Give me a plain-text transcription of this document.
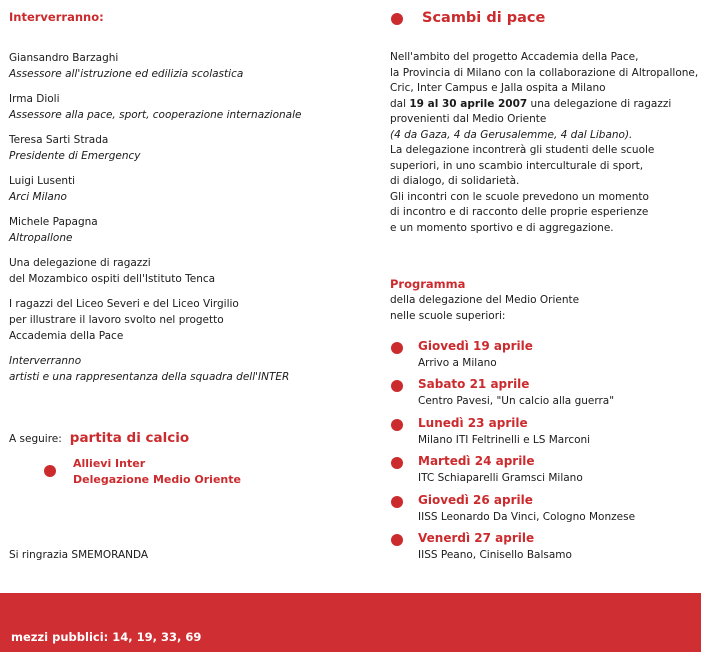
Interverranno:

Giansandro Barzaghi

Assessore all'istruzione ed edilizia scolastica

Irma Dioli

Assessore alla pace, sport, cooperazione internazionale

Teresa Sarti Strada

Presidente di Emergency

Luigi Lusenti

Arci Milano

Michele Papagna

Altropallone

Una delegazione di ragazzi

del Mozambico ospiti dell'Istituto Tenca

I ragazzi del Liceo Severi e del Liceo Virgilio

per illustrare il lavoro svolto nel progetto

Accademia della Pace

Interverranno

artisti e una rappresentanza della squadra dell'INTER

A seguire: partita di calcio
Allievi Inter
Delegazione Medio Oriente
Si ringrazia SMEMORANDA
Scambi di pace

Nell'ambito del progetto Accademia della Pace,

la Provincia di Milano con la collaborazione di Altropallone,

Cric, Inter Campus e Jalla ospita a Milano

dal 19 al 30 aprile 2007 una delegazione di ragazzi

provenienti dal Medio Oriente

(4 da Gaza, 4 da Gerusalemme, 4 dal Libano).

La delegazione incontrerà gli studenti delle scuole

superiori, in uno scambio interculturale di sport,

di dialogo, di solidarietà.

Gli incontri con le scuole prevedono un momento

di incontro e di racconto delle proprie esperienze

e un momento sportivo e di aggregazione.

Programma

della delegazione del Medio Oriente

nelle scuole superiori:

Giovedì 19 aprile
Arrivo a Milano
Sabato 21 aprile
Centro Pavesi, "Un calcio alla guerra"
Lunedì 23 aprile
Milano ITI Feltrinelli e LS Marconi
Martedì 24 aprile
ITC Schiaparelli Gramsci Milano
Giovedì 26 aprile
IISS Leonardo Da Vinci, Cologno Monzese
Venerdì 27 aprile
IISS Peano, Cinisello Balsamo
mezzi pubblici: 14, 19, 33, 69
